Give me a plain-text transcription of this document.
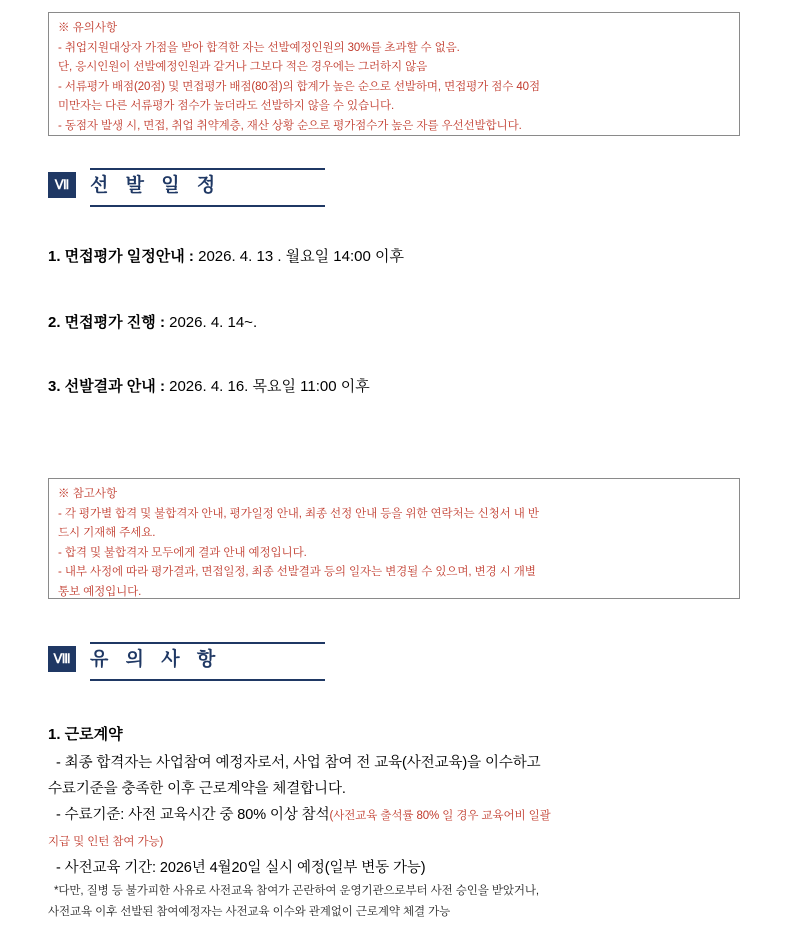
※ 유의사항
- 취업지원대상자 가점을 받아 합격한 자는 선발예정인원의 30%를 초과할 수 없음.
단, 응시인원이 선발예정인원과 같거나 그보다 적은 경우에는 그러하지 않음
- 서류평가 배점(20점) 및 면접평가 배점(80점)의 합계가 높은 순으로 선발하며, 면접평가 점수 40점
미만자는 다른 서류평가 점수가 높더라도 선발하지 않을 수 있습니다.
- 동점자 발생 시, 면접, 취업 취약계층, 재산 상황 순으로 평가점수가 높은 자를 우선선발합니다.
Ⅶ	선 발 일 정
1. 면접평가 일정안내 : 2026. 4. 13 . 월요일 14:00 이후
2. 면접평가 진행 : 2026. 4. 14~.
3. 선발결과 안내 : 2026. 4. 16. 목요일 11:00 이후
※ 참고사항
- 각 평가별 합격 및 불합격자 안내, 평가일정 안내, 최종 선정 안내 등을 위한 연락처는 신청서 내 반
드시 기재해 주세요.
- 합격 및 불합격자 모두에게 결과 안내 예정입니다.
- 내부 사정에 따라 평가결과, 면접일정, 최종 선발결과 등의 일자는 변경될 수 있으며, 변경 시 개별
통보 예정입니다.
Ⅷ 유 의 사 항
1. 근로계약

- 최종 합격자는 사업참여 예정자로서, 사업 참여 전 교육(사전교육)을 이수하고

수료기준을 충족한 이후 근로계약을 체결합니다.

- 수료기준: 사전 교육시간 중 80% 이상 참석(사전교육 출석률 80% 일 경우 교육어비 일괄

지급 및 인턴 참여 가능)

- 사전교육 기간: 2026년 4월20일 실시 예정(일부 변동 가능)

*다만, 질병 등 불가피한 사유로 사전교육 참여가 곤란하여 운영기관으로부터 사전 승인을 받았거나,

사전교육 이후 선발된 참여예정자는 사전교육 이수와 관계없이 근로계약 체결 가능
